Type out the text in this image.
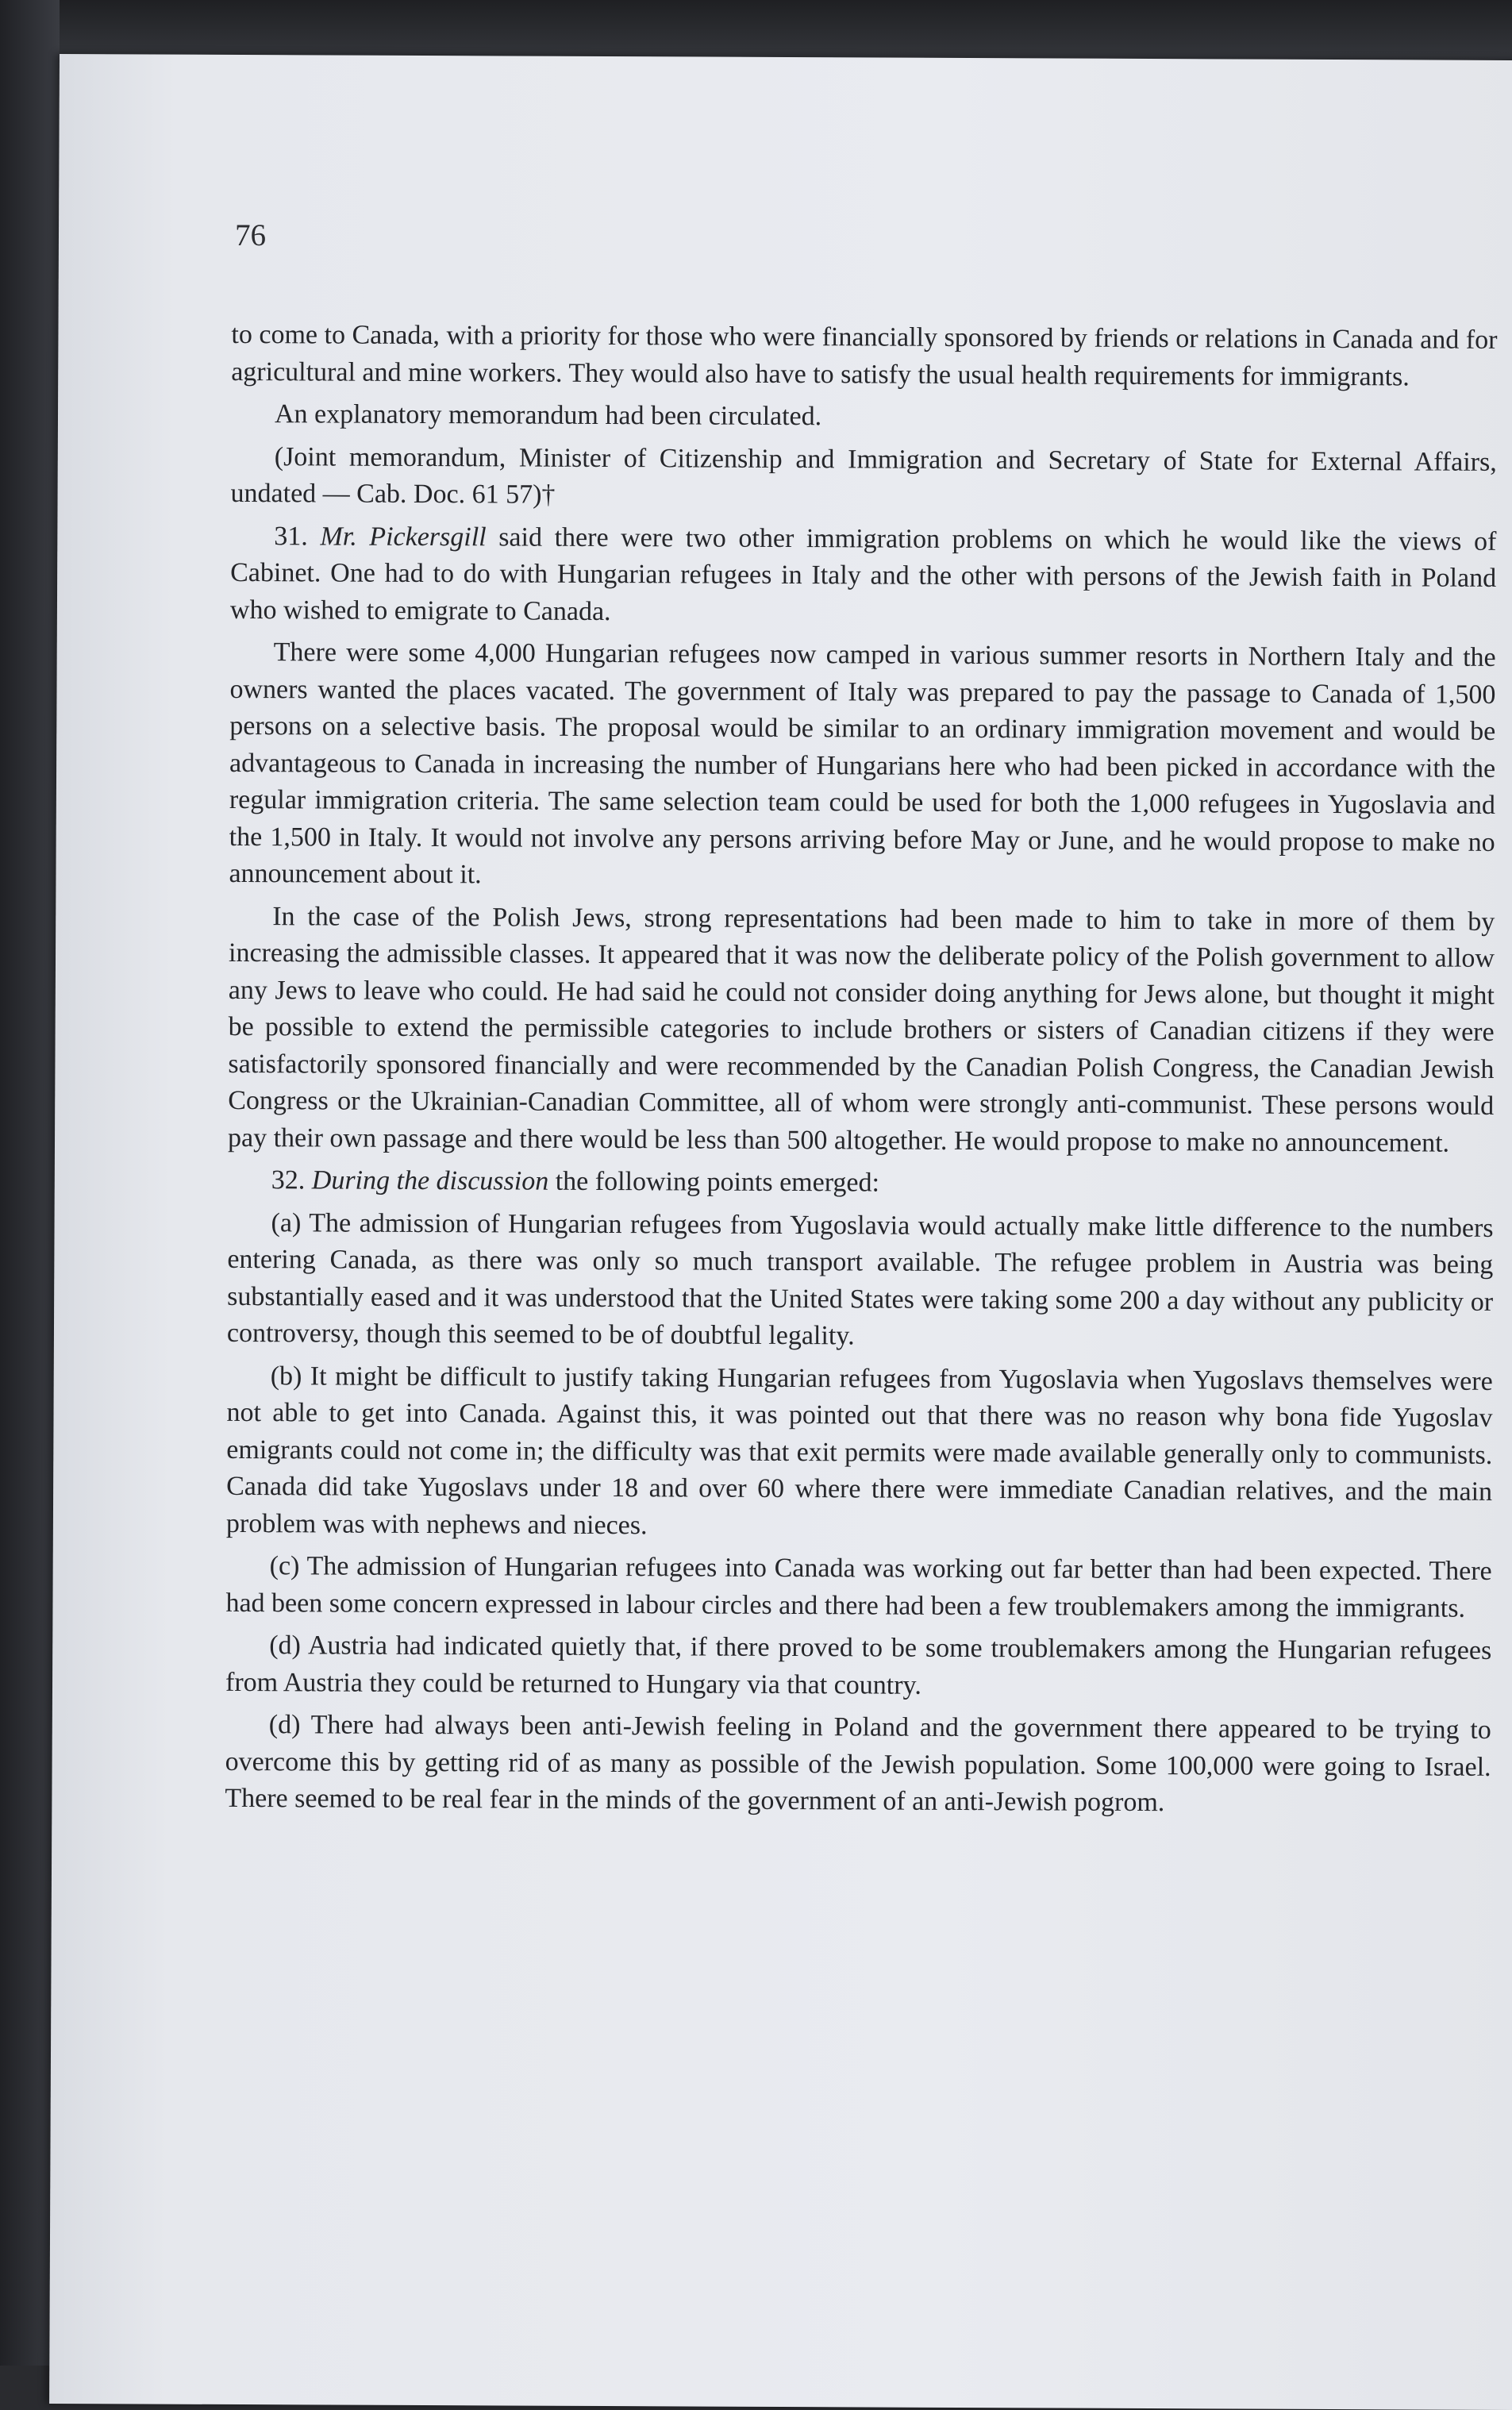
76

to come to Canada, with a priority for those who were financially sponsored by friends or relations in Canada and for agricultural and mine workers. They would also have to satisfy the usual health requirements for immigrants.

An explanatory memorandum had been circulated.

(Joint memorandum, Minister of Citizenship and Immigration and Secretary of State for External Affairs, undated — Cab. Doc. 61 57)†

31. Mr. Pickersgill said there were two other immigration problems on which he would like the views of Cabinet. One had to do with Hungarian refugees in Italy and the other with persons of the Jewish faith in Poland who wished to emigrate to Canada.

There were some 4,000 Hungarian refugees now camped in various summer resorts in Northern Italy and the owners wanted the places vacated. The government of Italy was prepared to pay the passage to Canada of 1,500 persons on a selective basis. The proposal would be similar to an ordinary immigration movement and would be advantageous to Canada in increasing the number of Hungarians here who had been picked in accordance with the regular immigration criteria. The same selection team could be used for both the 1,000 refugees in Yugoslavia and the 1,500 in Italy. It would not involve any persons arriving before May or June, and he would propose to make no announcement about it.

In the case of the Polish Jews, strong representations had been made to him to take in more of them by increasing the admissible classes. It appeared that it was now the deliberate policy of the Polish government to allow any Jews to leave who could. He had said he could not consider doing anything for Jews alone, but thought it might be possible to extend the permissible categories to include brothers or sisters of Canadian citizens if they were satisfactorily sponsored financially and were recommended by the Canadian Polish Congress, the Canadian Jewish Congress or the Ukrainian-Canadian Committee, all of whom were strongly anti-communist. These persons would pay their own passage and there would be less than 500 altogether. He would propose to make no announcement.

32. During the discussion the following points emerged:

(a) The admission of Hungarian refugees from Yugoslavia would actually make little difference to the numbers entering Canada, as there was only so much transport available. The refugee problem in Austria was being substantially eased and it was understood that the United States were taking some 200 a day without any publicity or controversy, though this seemed to be of doubtful legality.

(b) It might be difficult to justify taking Hungarian refugees from Yugoslavia when Yugoslavs themselves were not able to get into Canada. Against this, it was pointed out that there was no reason why bona fide Yugoslav emigrants could not come in; the difficulty was that exit permits were made available generally only to communists. Canada did take Yugoslavs under 18 and over 60 where there were immediate Canadian relatives, and the main problem was with nephews and nieces.

(c) The admission of Hungarian refugees into Canada was working out far better than had been expected. There had been some concern expressed in labour circles and there had been a few troublemakers among the immigrants.

(d) Austria had indicated quietly that, if there proved to be some troublemakers among the Hungarian refugees from Austria they could be returned to Hungary via that country.

(d) There had always been anti-Jewish feeling in Poland and the government there appeared to be trying to overcome this by getting rid of as many as possible of the Jewish population. Some 100,000 were going to Israel. There seemed to be real fear in the minds of the government of an anti-Jewish pogrom.
